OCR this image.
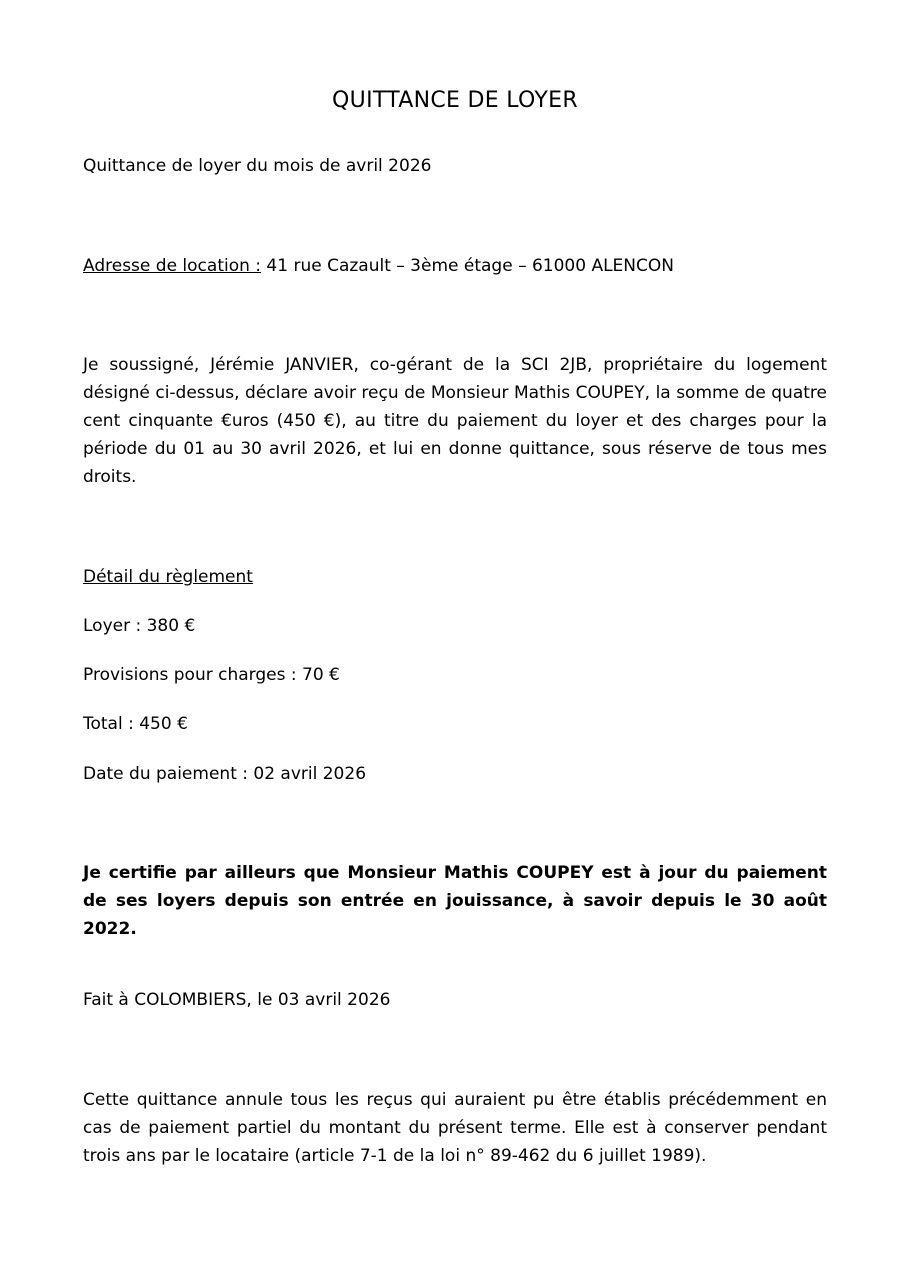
QUITTANCE DE LOYER
Quittance de loyer du mois de avril 2026
Adresse de location : 41 rue Cazault – 3ème étage – 61000 ALENCON

Je soussigné, Jérémie JANVIER, co-gérant de la SCI 2JB, propriétaire du logement désigné ci-dessus, déclare avoir reçu de Monsieur Mathis COUPEY, la somme de quatre cent cinquante €uros (450 €), au titre du paiement du loyer et des charges pour la période du 01 au 30 avril 2026, et lui en donne quittance, sous réserve de tous mes droits.

Détail du règlement
Loyer : 380 €
Provisions pour charges : 70 €
Total : 450 €
Date du paiement : 02 avril 2026

Je certifie par ailleurs que Monsieur Mathis COUPEY est à jour du paiement de ses loyers depuis son entrée en jouissance, à savoir depuis le 30 août 2022.

Fait à COLOMBIERS, le 03 avril 2026

Cette quittance annule tous les reçus qui auraient pu être établis précédemment en cas de paiement partiel du montant du présent terme. Elle est à conserver pendant trois ans par le locataire (article 7-1 de la loi n° 89-462 du 6 juillet 1989).
